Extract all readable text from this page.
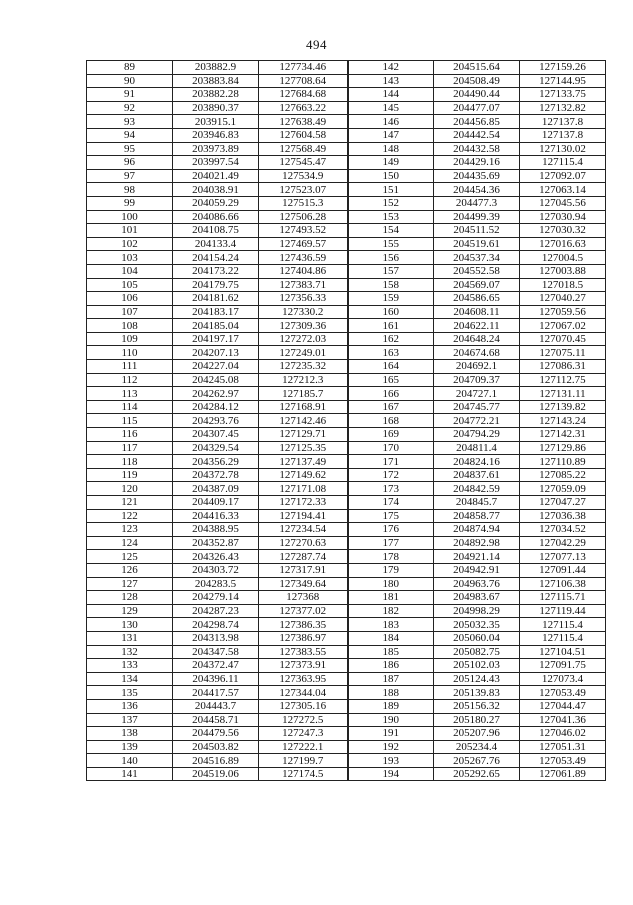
494
89	203882.9	127734.46	142	204515.64	127159.26
90	203883.84	127708.64	143	204508.49	127144.95
91	203882.28	127684.68	144	204490.44	127133.75
92	203890.37	127663.22	145	204477.07	127132.82
93	203915.1	127638.49	146	204456.85	127137.8
94	203946.83	127604.58	147	204442.54	127137.8
95	203973.89	127568.49	148	204432.58	127130.02
96	203997.54	127545.47	149	204429.16	127115.4
97	204021.49	127534.9	150	204435.69	127092.07
98	204038.91	127523.07	151	204454.36	127063.14
99	204059.29	127515.3	152	204477.3	127045.56
100	204086.66	127506.28	153	204499.39	127030.94
101	204108.75	127493.52	154	204511.52	127030.32
102	204133.4	127469.57	155	204519.61	127016.63
103	204154.24	127436.59	156	204537.34	127004.5
104	204173.22	127404.86	157	204552.58	127003.88
105	204179.75	127383.71	158	204569.07	127018.5
106	204181.62	127356.33	159	204586.65	127040.27
107	204183.17	127330.2	160	204608.11	127059.56
108	204185.04	127309.36	161	204622.11	127067.02
109	204197.17	127272.03	162	204648.24	127070.45
110	204207.13	127249.01	163	204674.68	127075.11
111	204227.04	127235.32	164	204692.1	127086.31
112	204245.08	127212.3	165	204709.37	127112.75
113	204262.97	127185.7	166	204727.1	127131.11
114	204284.12	127168.91	167	204745.77	127139.82
115	204293.76	127142.46	168	204772.21	127143.24
116	204307.45	127129.71	169	204794.29	127142.31
117	204329.54	127125.35	170	204811.4	127129.86
118	204356.29	127137.49	171	204824.16	127110.89
119	204372.78	127149.62	172	204837.61	127085.22
120	204387.09	127171.08	173	204842.59	127059.09
121	204409.17	127172.33	174	204845.7	127047.27
122	204416.33	127194.41	175	204858.77	127036.38
123	204388.95	127234.54	176	204874.94	127034.52
124	204352.87	127270.63	177	204892.98	127042.29
125	204326.43	127287.74	178	204921.14	127077.13
126	204303.72	127317.91	179	204942.91	127091.44
127	204283.5	127349.64	180	204963.76	127106.38
128	204279.14	127368	181	204983.67	127115.71
129	204287.23	127377.02	182	204998.29	127119.44
130	204298.74	127386.35	183	205032.35	127115.4
131	204313.98	127386.97	184	205060.04	127115.4
132	204347.58	127383.55	185	205082.75	127104.51
133	204372.47	127373.91	186	205102.03	127091.75
134	204396.11	127363.95	187	205124.43	127073.4
135	204417.57	127344.04	188	205139.83	127053.49
136	204443.7	127305.16	189	205156.32	127044.47
137	204458.71	127272.5	190	205180.27	127041.36
138	204479.56	127247.3	191	205207.96	127046.02
139	204503.82	127222.1	192	205234.4	127051.31
140	204516.89	127199.7	193	205267.76	127053.49
141	204519.06	127174.5	194	205292.65	127061.89
